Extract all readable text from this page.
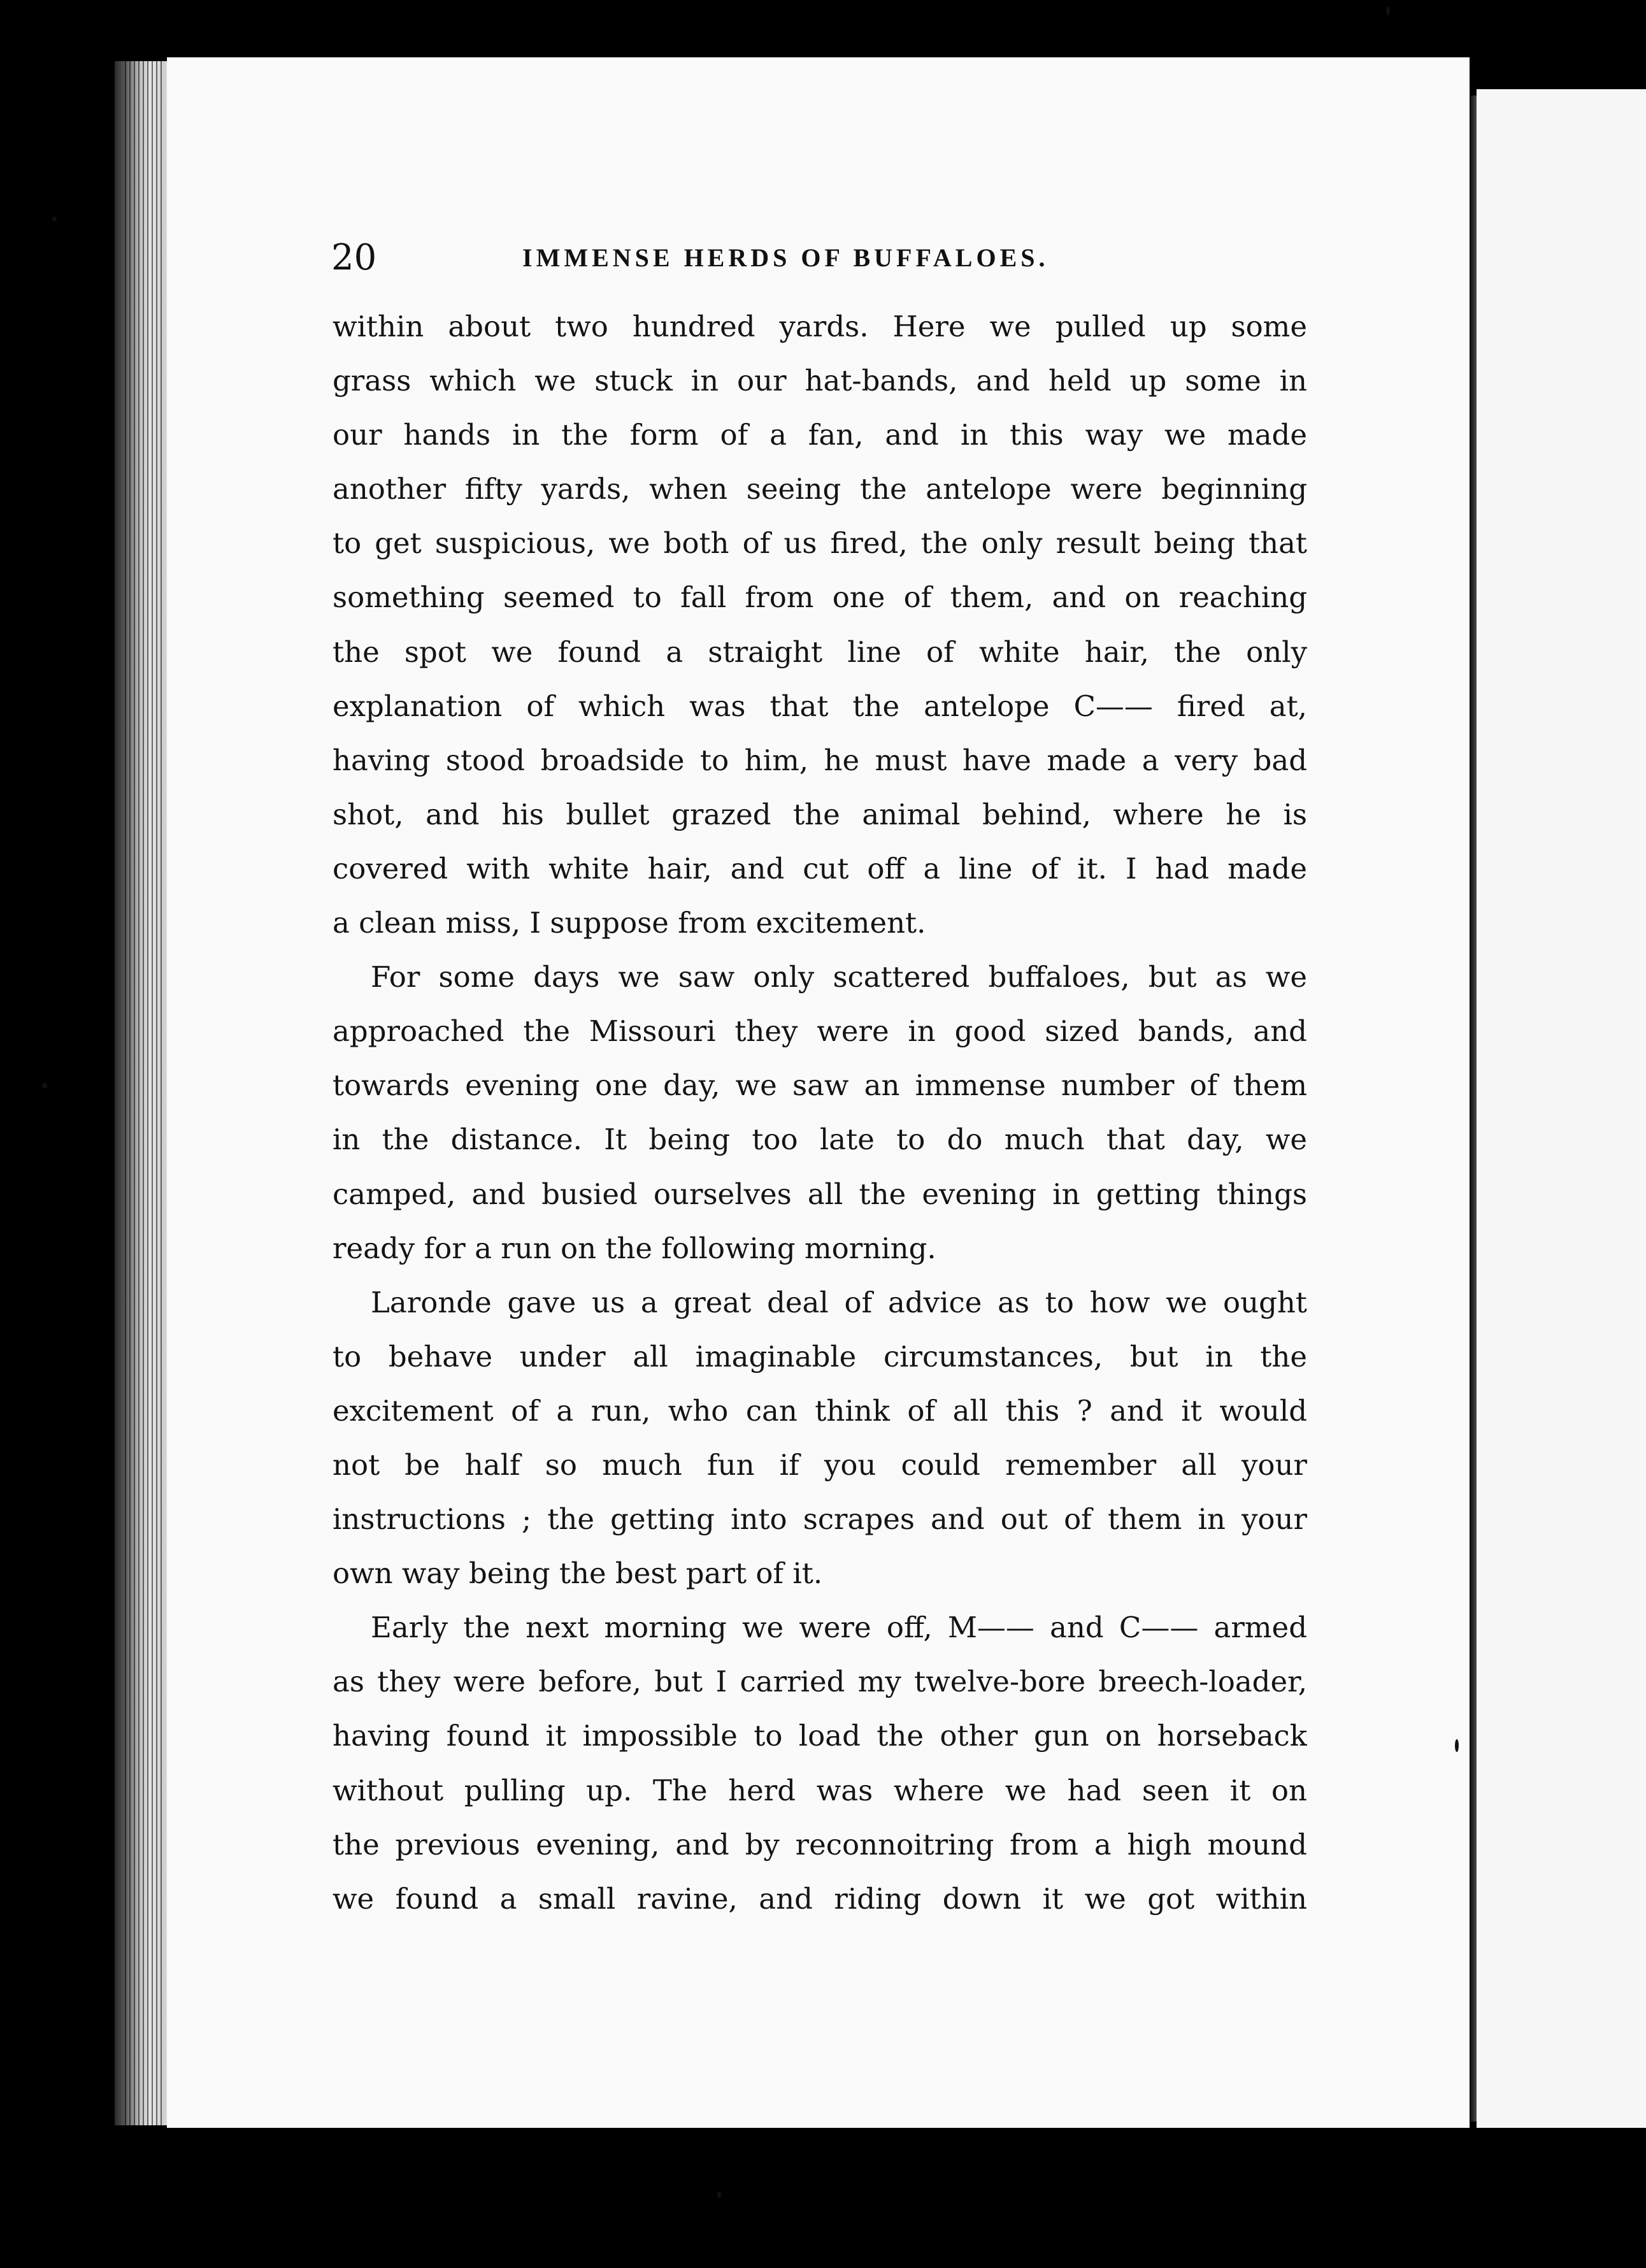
20	IMMENSE HERDS OF BUFFALOES.

within about two hundred yards. Here we pulled up some
grass which we stuck in our hat-bands, and held up some in
our hands in the form of a fan, and in this way we made
another fifty yards, when seeing the antelope were beginning
to get suspicious, we both of us fired, the only result being that
something seemed to fall from one of them, and on reaching
the spot we found a straight line of white hair, the only
explanation of which was that the antelope C—— fired at,
having stood broadside to him, he must have made a very bad
shot, and his bullet grazed the animal behind, where he is
covered with white hair, and cut off a line of it. I had made
a clean miss, I suppose from excitement.

For some days we saw only scattered buffaloes, but as we
approached the Missouri they were in good sized bands, and
towards evening one day, we saw an immense number of them
in the distance. It being too late to do much that day, we
camped, and busied ourselves all the evening in getting things
ready for a run on the following morning.

Laronde gave us a great deal of advice as to how we ought
to behave under all imaginable circumstances, but in the
excitement of a run, who can think of all this ? and it would
not be half so much fun if you could remember all your
instructions ; the getting into scrapes and out of them in your
own way being the best part of it.

Early the next morning we were off, M—— and C—— armed
as they were before, but I carried my twelve-bore breech-loader,
having found it impossible to load the other gun on horseback
without pulling up. The herd was where we had seen it on
the previous evening, and by reconnoitring from a high mound
we found a small ravine, and riding down it we got within
